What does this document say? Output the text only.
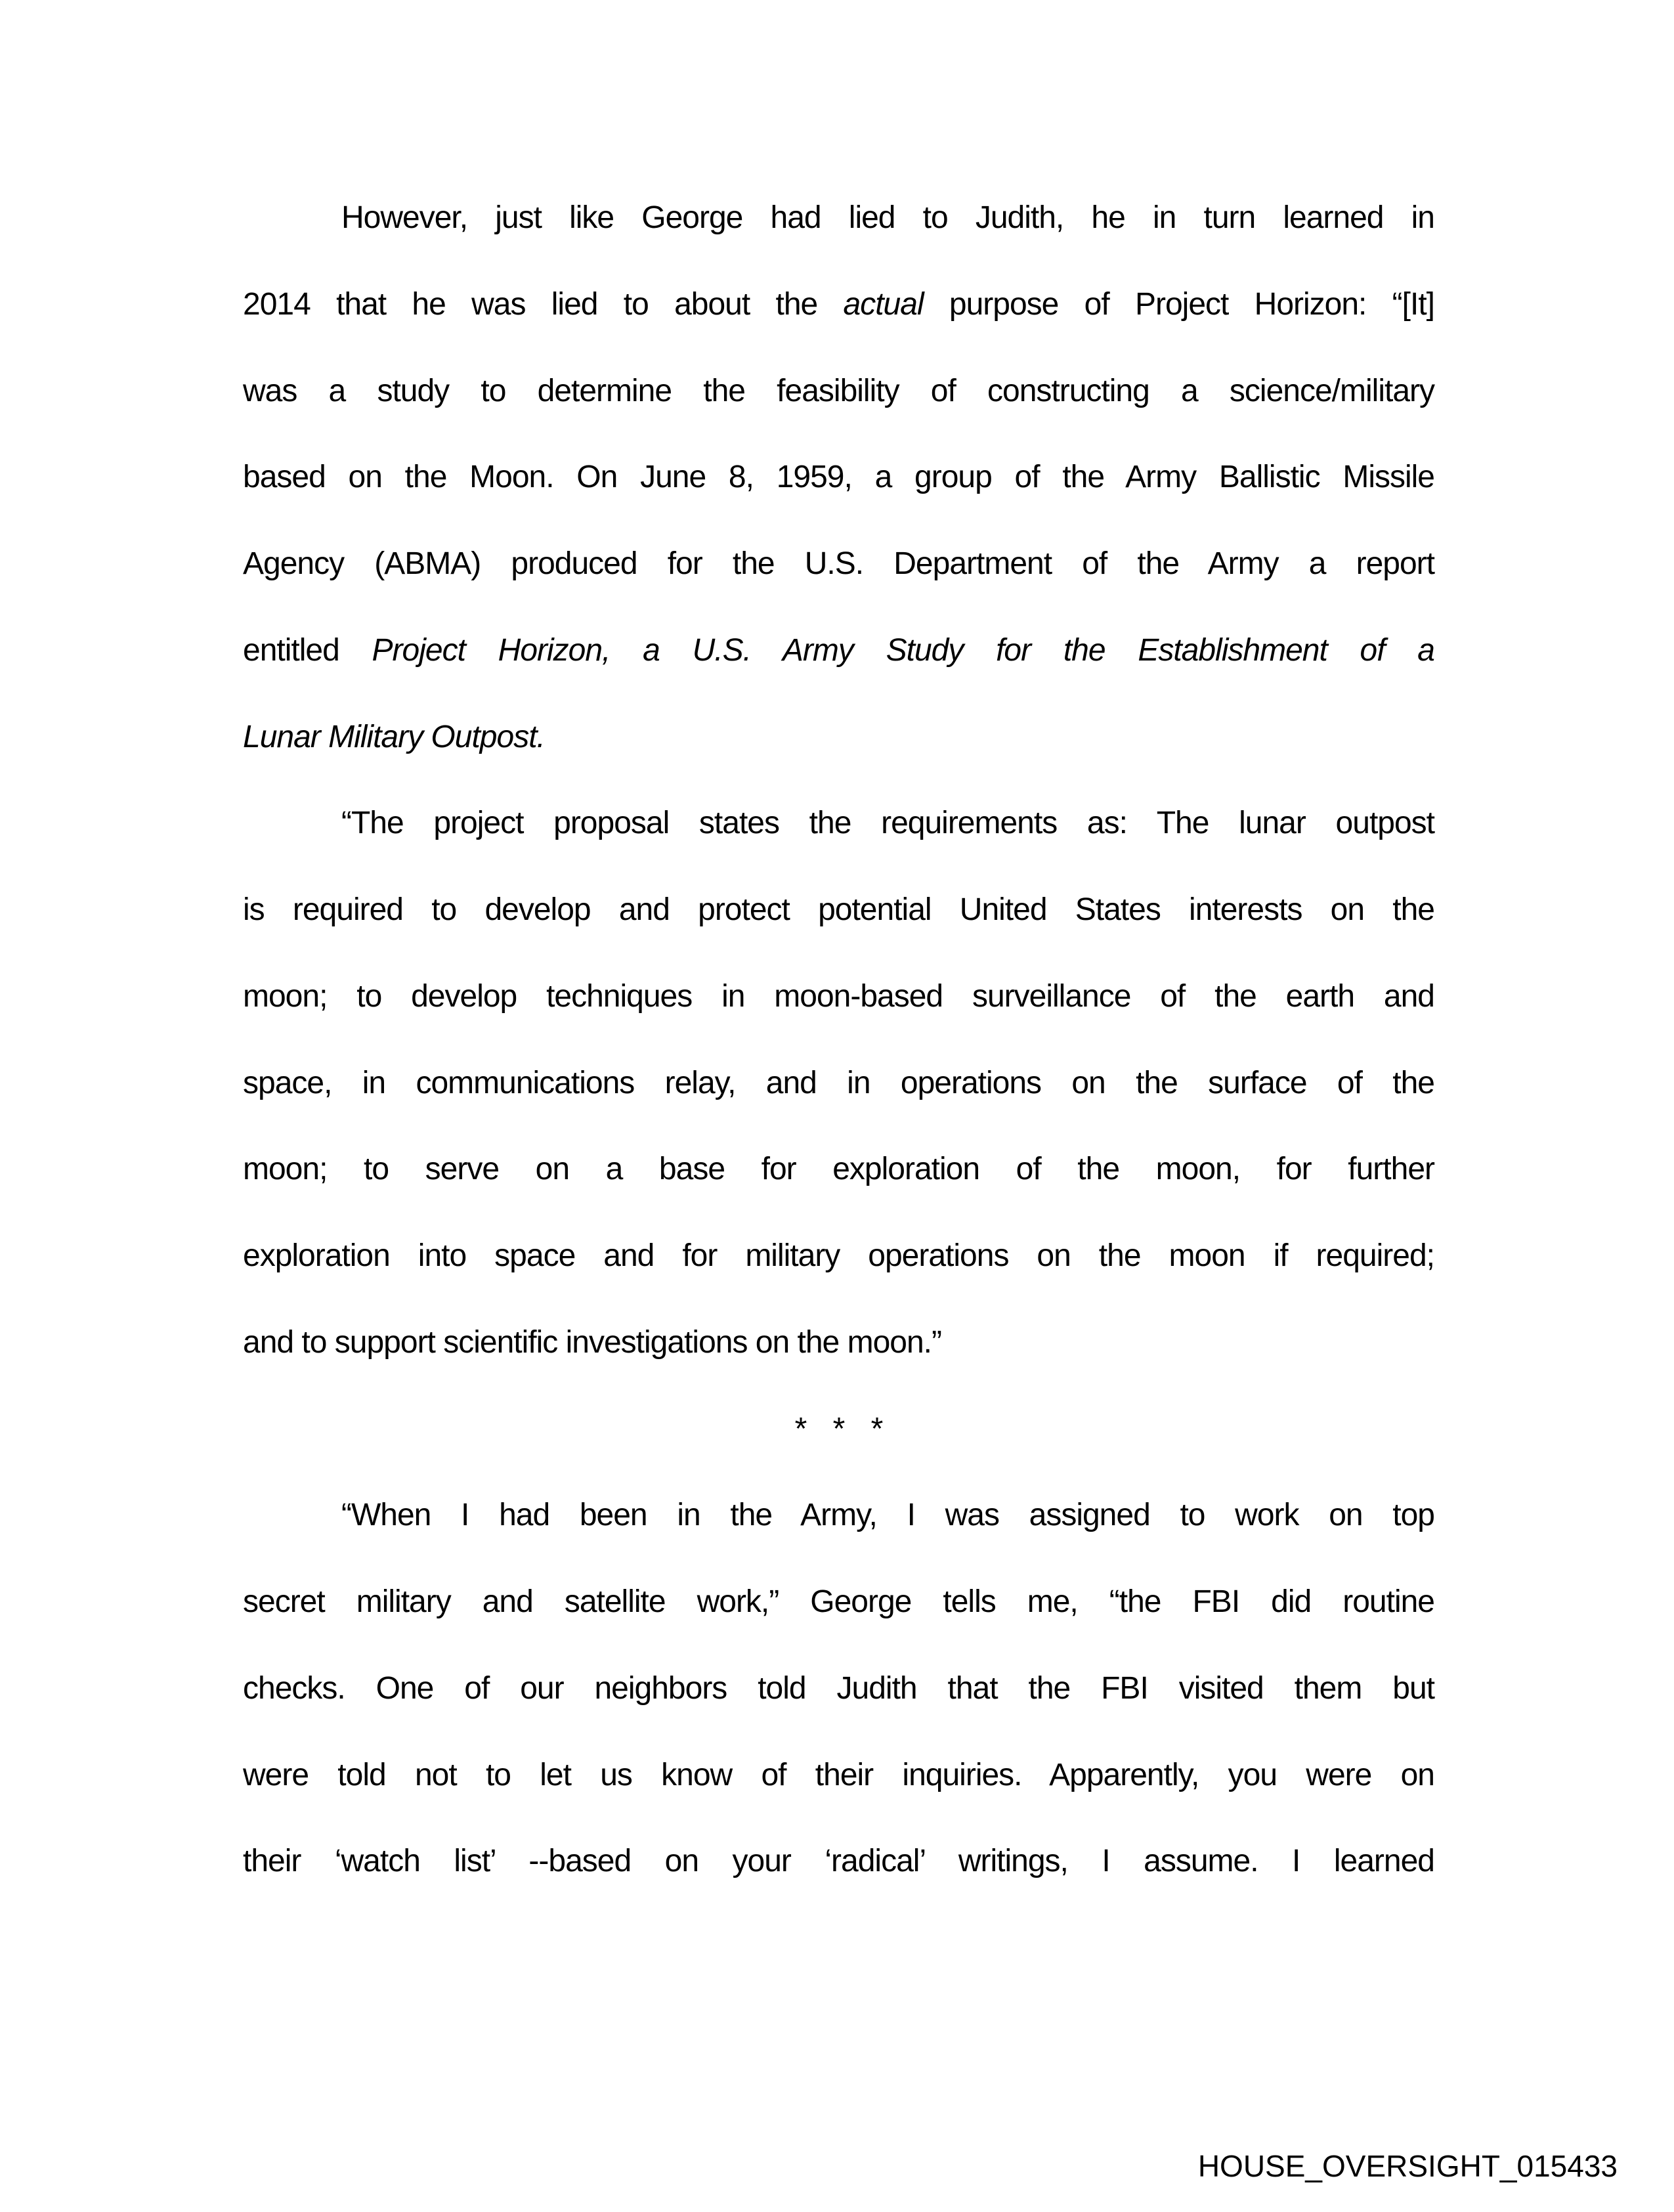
However, just like George had lied to Judith, he in turn learned in
2014 that he was lied to about the actual purpose of Project Horizon: “[It]
was a study to determine the feasibility of constructing a science/military
based on the Moon. On June 8, 1959, a group of the Army Ballistic Missile
Agency (ABMA) produced for the U.S. Department of the Army a report
entitled Project Horizon, a U.S. Army Study for the Establishment of a
Lunar Military Outpost.
“The project proposal states the requirements as: The lunar outpost
is required to develop and protect potential United States interests on the
moon; to develop techniques in moon-based surveillance of the earth and
space, in communications relay, and in operations on the surface of the
moon; to serve on a base for exploration of the moon, for further
exploration into space and for military operations on the moon if required;
and to support scientific investigations on the moon.”
* * *
“When I had been in the Army, I was assigned to work on top
secret military and satellite work,” George tells me, “the FBI did routine
checks. One of our neighbors told Judith that the FBI visited them but
were told not to let us know of their inquiries. Apparently, you were on
their ‘watch list’ --based on your ‘radical’ writings, I assume. I learned
HOUSE_OVERSIGHT_015433
